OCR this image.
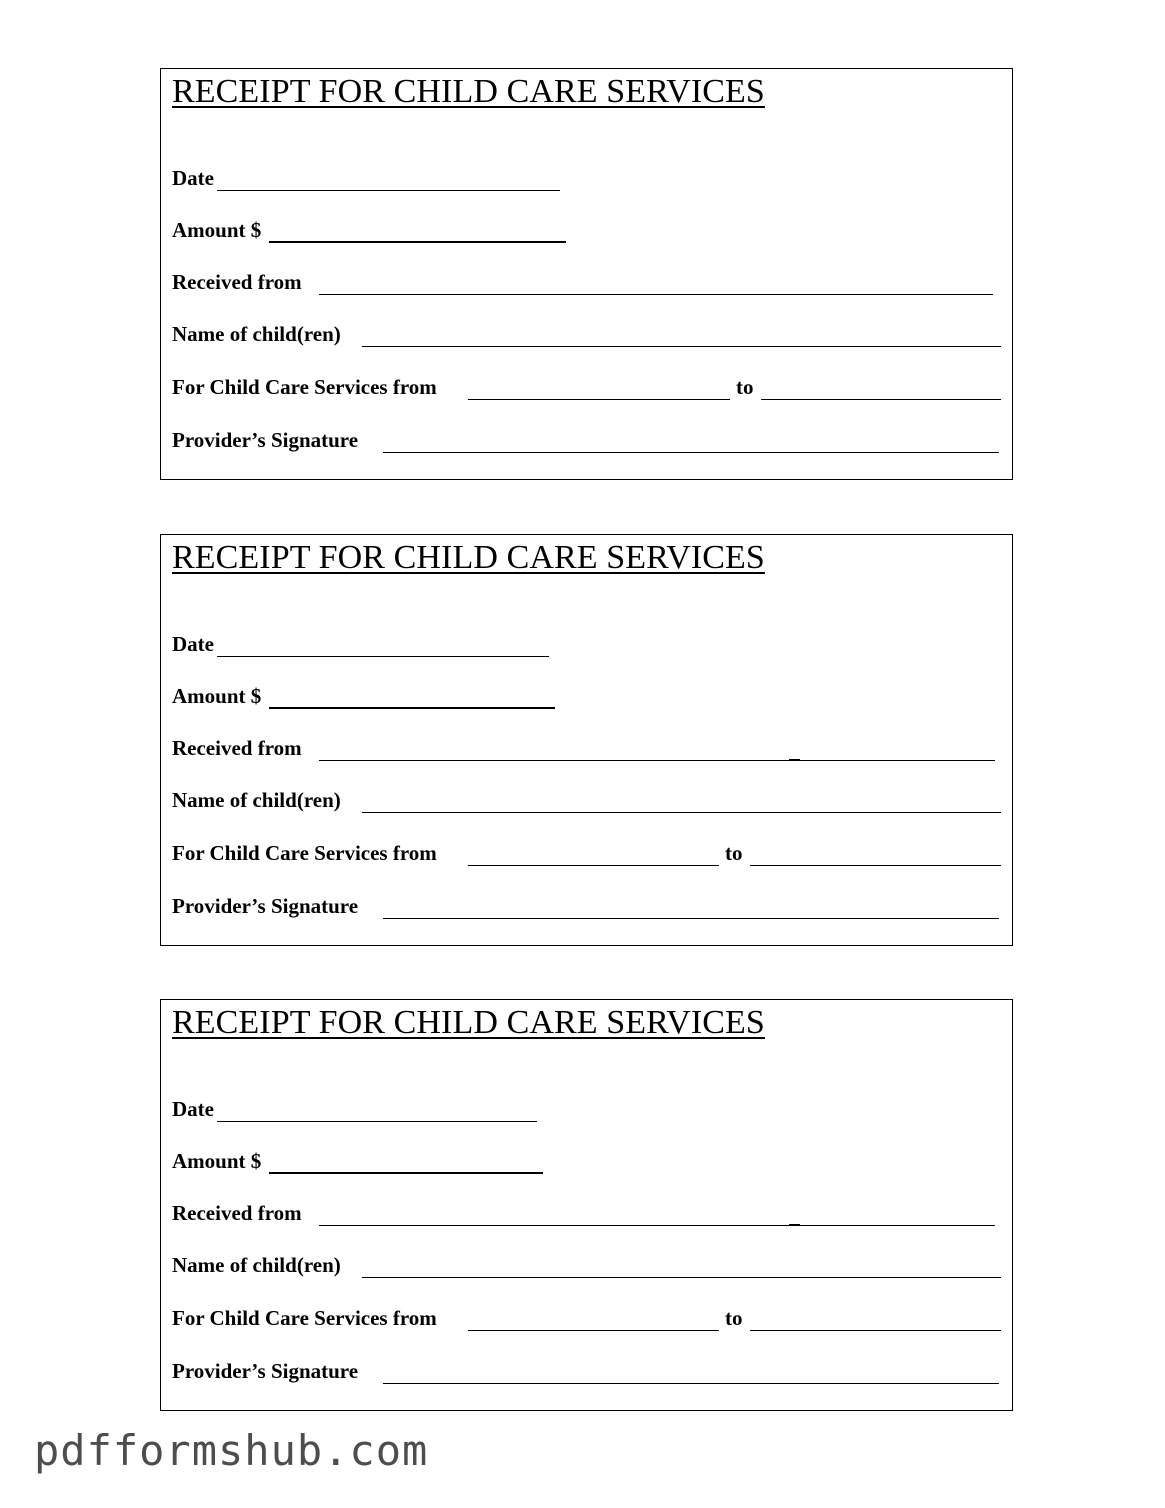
RECEIPT FOR CHILD CARE SERVICES
Date
Amount $
Received from
Name of child(ren)
For Child Care Services from	to
Provider’s Signature
RECEIPT FOR CHILD CARE SERVICES
Date
Amount $
Received from
Name of child(ren)
For Child Care Services from	to
Provider’s Signature
RECEIPT FOR CHILD CARE SERVICES
Date
Amount $
Received from
Name of child(ren)
For Child Care Services from	to
Provider’s Signature
pdfformshub.com
